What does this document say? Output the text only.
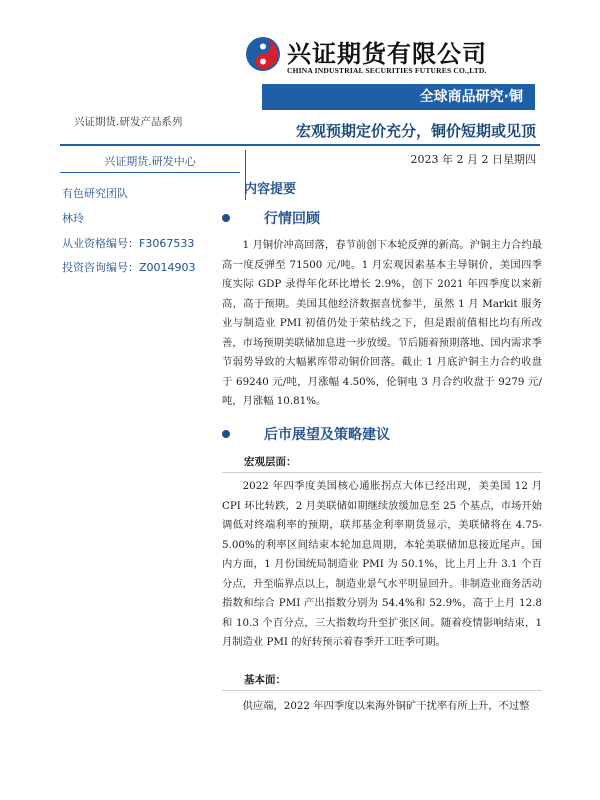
兴证期货有限公司
CHINA INDUSTRIAL SECURITIES FUTURES CO.,LTD.
全球商品研究·铜
兴证期货.研发产品系列	宏观预期定价充分，铜价短期或见顶
兴证期货.研发中心
有色研究团队
林玲
从业资格编号：F3067533
投资咨询编号：Z0014903
2023 年 2 月 2 日星期四
内容提要
行情回顾
1 月铜价冲高回落，春节前创下本轮反弹的新高。沪铜主力合约最高一度反弹至 71500 元/吨。1 月宏观因素基本主导铜价，美国四季度实际 GDP 录得年化环比增长 2.9%，创下 2021 年四季度以来新高，高于预期。美国其他经济数据喜忧参半，虽然 1 月 Markit 服务业与制造业 PMI 初值仍处于荣枯线之下，但是跟前值相比均有所改善，市场预期美联储加息进一步放缓。节后随着预期落地、国内需求季节弱势导致的大幅累库带动铜价回落。截止 1 月底沪铜主力合约收盘于 69240 元/吨，月涨幅 4.50%，伦铜电 3 月合约收盘于 9279 元/吨，月涨幅 10.81%。
后市展望及策略建议
宏观层面：
2022 年四季度美国核心通胀拐点大体已经出现，美美国 12 月 CPI 环比转跌，2 月美联储如期继续放缓加息至 25 个基点，市场开始调低对终端利率的预期，联邦基金利率期货显示，美联储将在 4.75-5.00%的利率区间结束本轮加息周期，本轮美联储加息接近尾声。国内方面，1 月份国统局制造业 PMI 为 50.1%，比上月上升 3.1 个百分点，升至临界点以上，制造业景气水平明显回升。非制造业商务活动指数和综合 PMI 产出指数分别为 54.4%和 52.9%，高于上月 12.8 和 10.3 个百分点，三大指数均升至扩张区间。随着疫情影响结束，1 月制造业 PMI 的好转预示着春季开工旺季可期。
基本面：
供应端，2022 年四季度以来海外铜矿干扰率有所上升，不过整
